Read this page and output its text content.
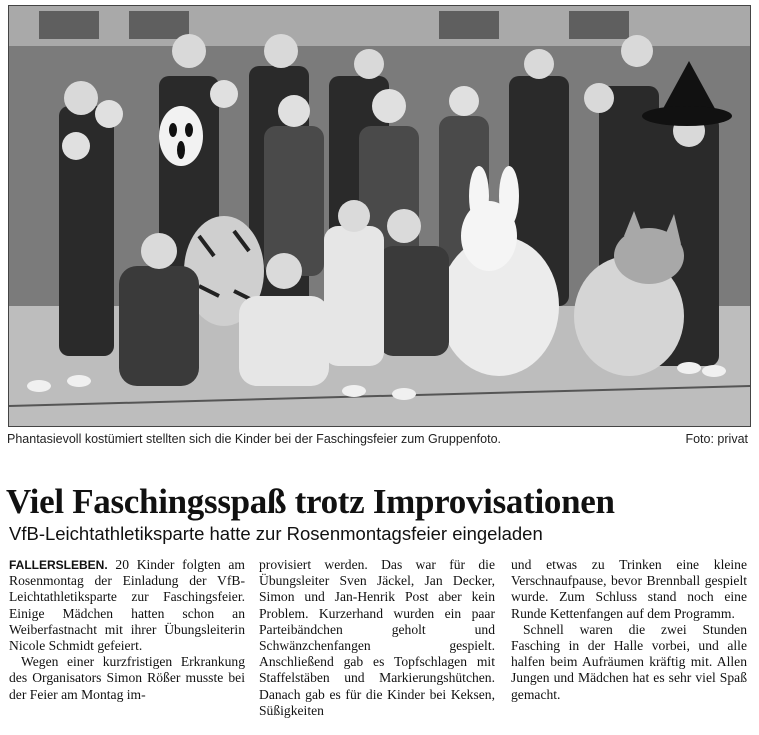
Phantasievoll kostümiert stellten sich die Kinder bei der Faschingsfeier zum Gruppenfoto.	Foto: privat
Viel Faschingsspaß trotz Improvisationen
VfB-Leichtathletiksparte hatte zur Rosenmontagsfeier eingeladen

FALLERSLEBEN. 20 Kinder folgten am Rosenmontag der Einladung der VfB-Leichtathletiksparte zur Faschingsfeier. Einige Mädchen hatten schon an Weiberfastnacht mit ihrer Übungsleiterin Nicole Schmidt gefeiert.

Wegen einer kurzfristigen Erkrankung des Organisators Simon Rößer musste bei der Feier am Montag im-

provisiert werden. Das war für die Übungsleiter Sven Jäckel, Jan Decker, Simon und Jan-Henrik Post aber kein Problem. Kurzerhand wurden ein paar Parteibändchen geholt und Schwänzchenfangen gespielt. Anschließend gab es Topfschlagen mit Staffelstäben und Markierungshütchen. Danach gab es für die Kinder bei Keksen, Süßigkeiten

und etwas zu Trinken eine kleine Verschnaufpause, bevor Brennball gespielt wurde. Zum Schluss stand noch eine Runde Kettenfangen auf dem Programm.

Schnell waren die zwei Stunden Fasching in der Halle vorbei, und alle halfen beim Aufräumen kräftig mit. Allen Jungen und Mädchen hat es sehr viel Spaß gemacht.
